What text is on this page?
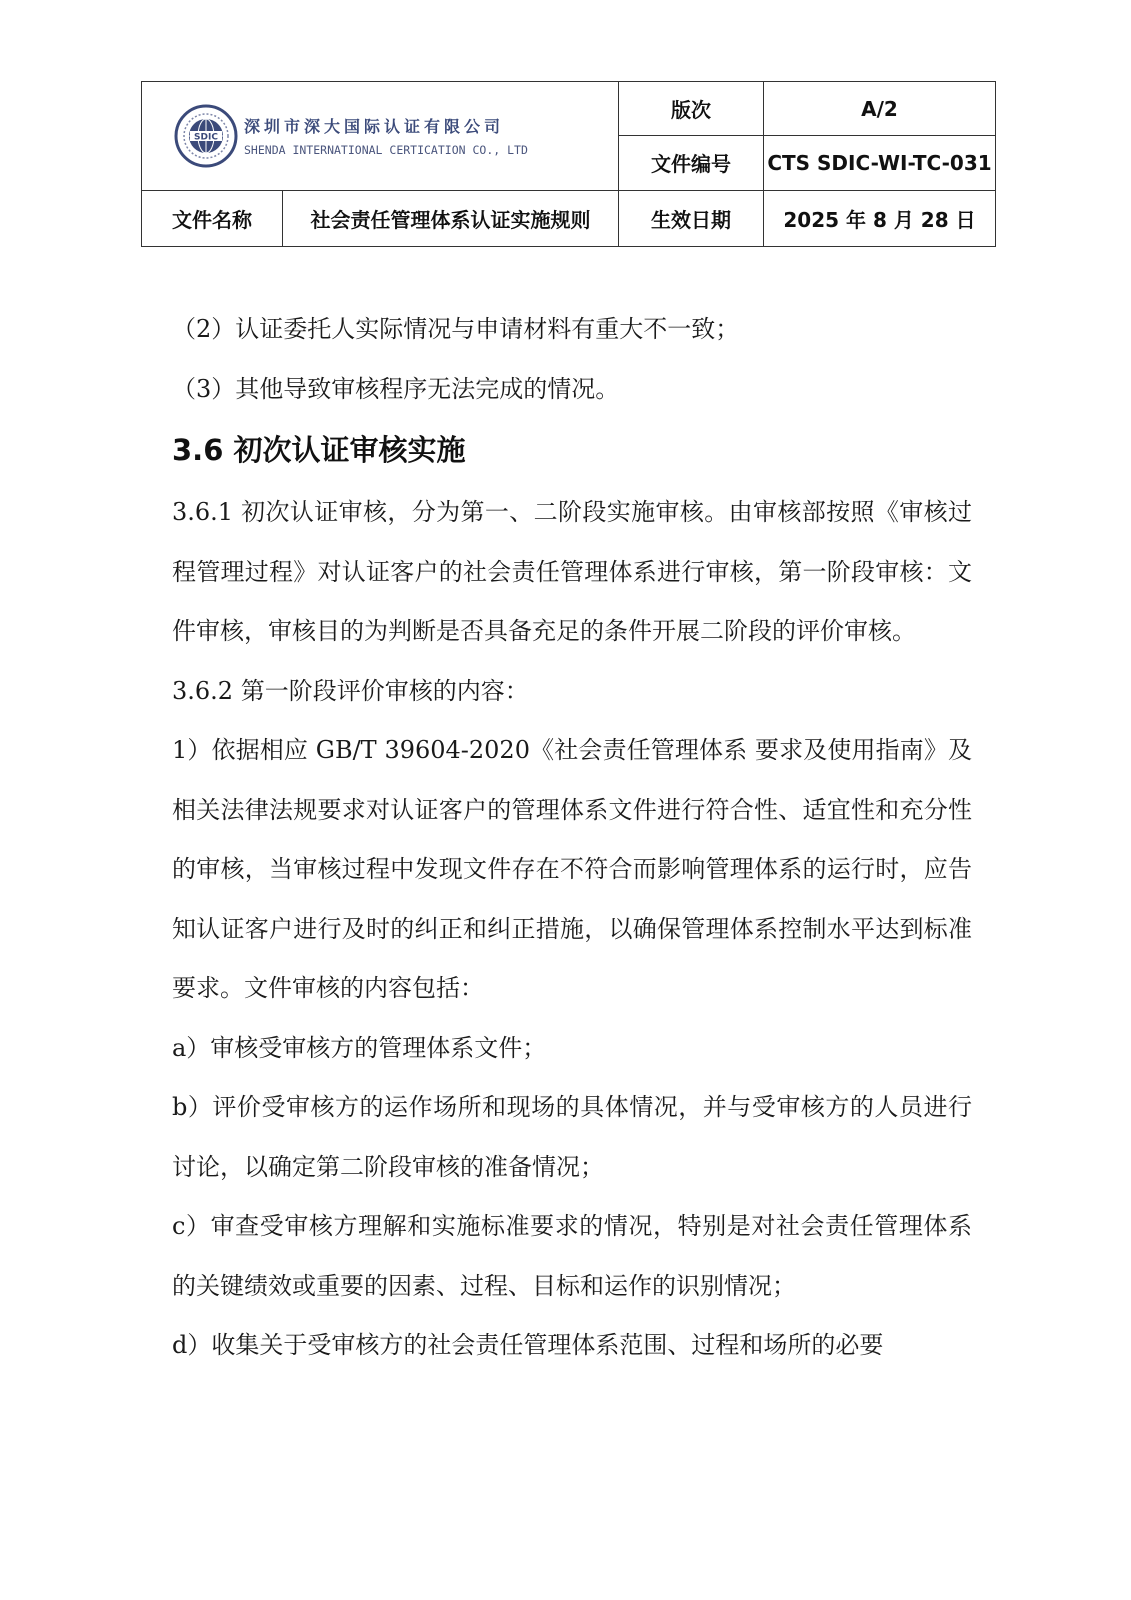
SDIC
深圳市深大国际认证有限公司
SHENDA INTERNATIONAL CERTICATION CO., LTD		版次	A/2
		文件编号	CTS SDIC-WI-TC-031
文件名称	社会责任管理体系认证实施规则	生效日期	2025 年 8 月 28 日

（2）认证委托人实际情况与申请材料有重大不一致；

（3）其他导致审核程序无法完成的情况。

3.6 初次认证审核实施

3.6.1 初次认证审核，分为第一、二阶段实施审核。由审核部按照《审核过程管理过程》对认证客户的社会责任管理体系进行审核，第一阶段审核：文件审核，审核目的为判断是否具备充足的条件开展二阶段的评价审核。

3.6.2 第一阶段评价审核的内容：

1）依据相应 GB/T 39604-2020《社会责任管理体系 要求及使用指南》及相关法律法规要求对认证客户的管理体系文件进行符合性、适宜性和充分性的审核，当审核过程中发现文件存在不符合而影响管理体系的运行时，应告知认证客户进行及时的纠正和纠正措施，以确保管理体系控制水平达到标准要求。文件审核的内容包括：

a）审核受审核方的管理体系文件；

b）评价受审核方的运作场所和现场的具体情况，并与受审核方的人员进行讨论，以确定第二阶段审核的准备情况；

c）审查受审核方理解和实施标准要求的情况，特别是对社会责任管理体系的关键绩效或重要的因素、过程、目标和运作的识别情况；

d）收集关于受审核方的社会责任管理体系范围、过程和场所的必要
